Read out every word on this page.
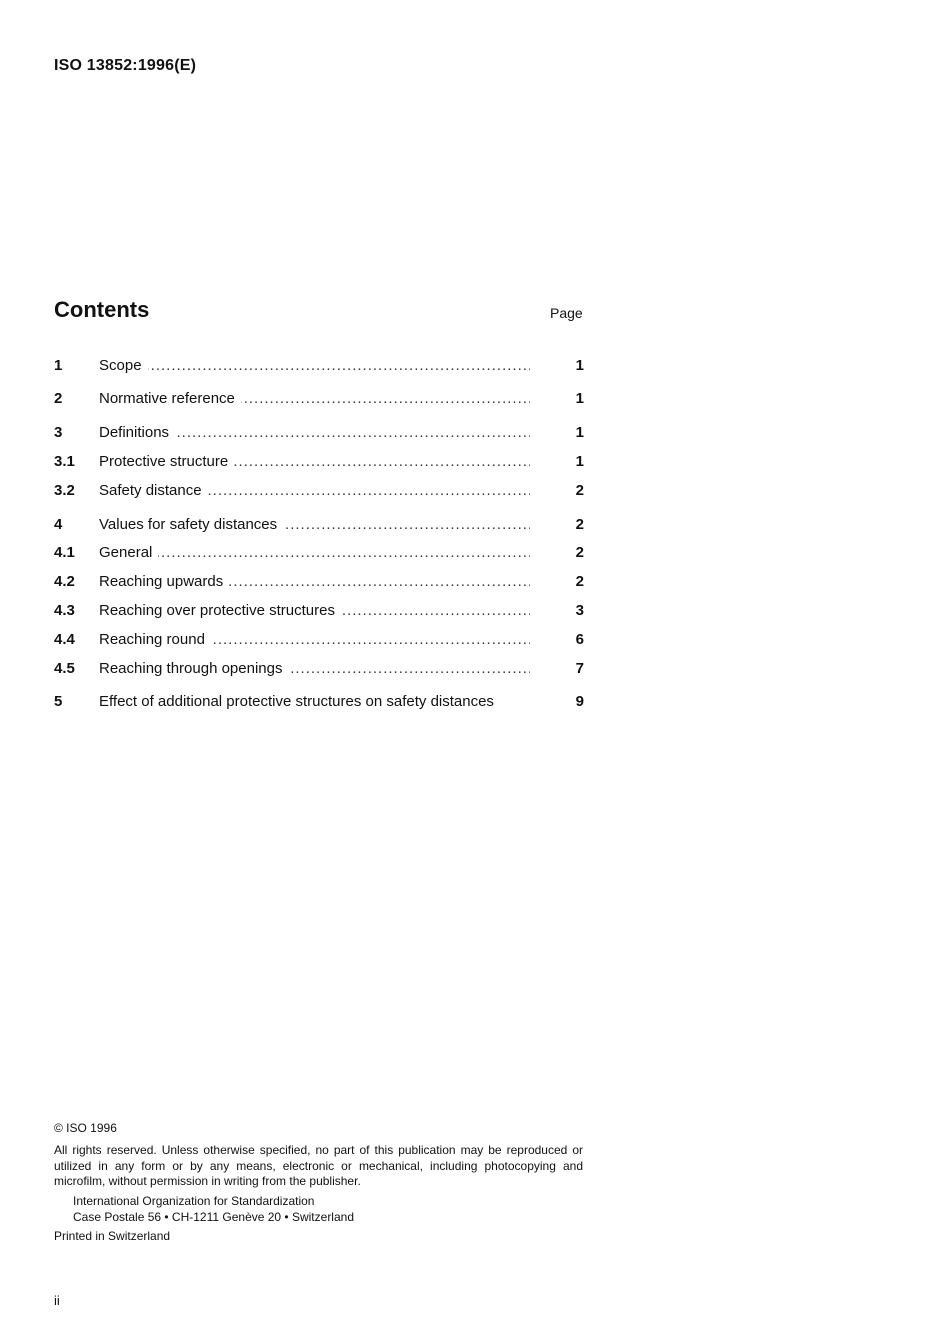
ISO 13852:1996(E)
Contents	Page
1 ..... Scope	1
2 ..... Normative reference	1
3 ..... Definitions	1
3.1 ..... Protective structure	1
3.2 ..... Safety distance	2
4 ..... Values for safety distances	2
4.1 ..... General	2
4.2 ..... Reaching upwards	2
4.3 ..... Reaching over protective structures	3
4.4 ..... Reaching round	6
4.5 ..... Reaching through openings	7
5 Effect of additional protective structures on safety distances	9
© ISO 1996
All rights reserved. Unless otherwise specified, no part of this publication may be reproduced or utilized in any form or by any means, electronic or mechanical, including photocopying and microfilm, without permission in writing from the publisher.
International Organization for Standardization
Case Postale 56 • CH-1211 Genève 20 • Switzerland
Printed in Switzerland
ii
